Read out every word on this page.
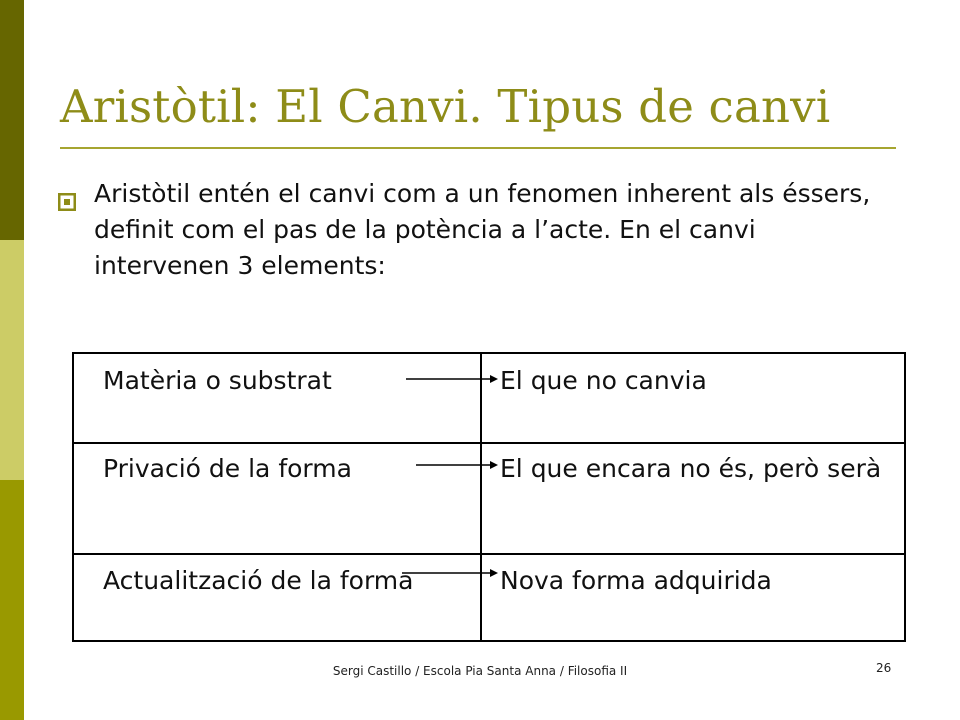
Aristòtil: El Canvi. Tipus de canvi
Aristòtil entén el canvi com a un fenomen inherent als éssers, definit com el pas de la potència a l’acte. En el canvi intervenen 3 elements:
Matèria o substrat	El que no canvia
Privació de la forma	El que encara no és, però serà
Actualització de la forma	Nova forma adquirida
Sergi Castillo / Escola Pia Santa Anna / Filosofia II	26
